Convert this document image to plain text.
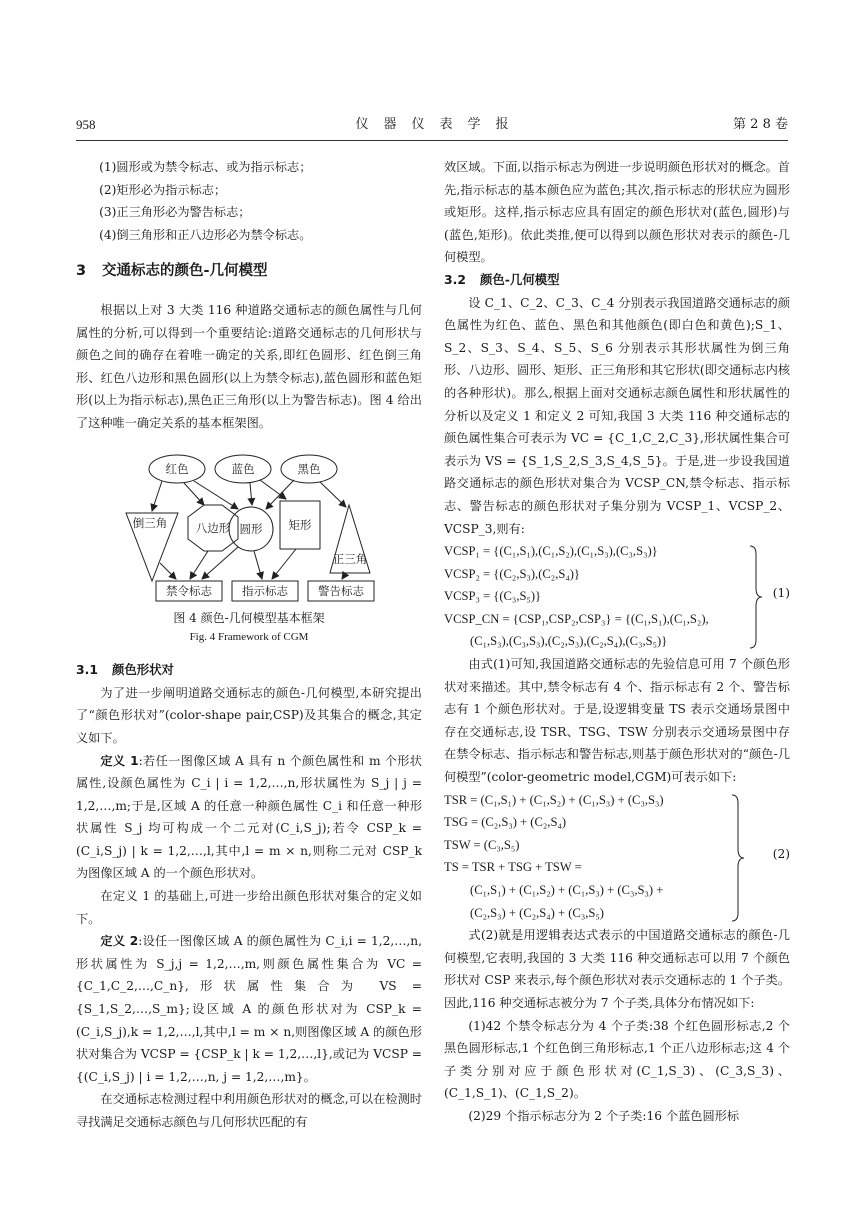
958	仪器仪表学报	第 2 8 卷

(1)圆形或为禁令标志、或为指示标志；

(2)矩形必为指示标志；

(3)正三角形必为警告标志；

(4)倒三角形和正八边形必为禁令标志。

3 交通标志的颜色-几何模型

根据以上对 3 大类 116 种道路交通标志的颜色属性与几何属性的分析,可以得到一个重要结论:道路交通标志的几何形状与颜色之间的确存在着唯一确定的关系,即红色圆形、红色倒三角形、红色八边形和黑色圆形(以上为禁令标志),蓝色圆形和蓝色矩形(以上为指示标志),黑色正三角形(以上为警告标志)。图 4 给出了这种唯一确定关系的基本框架图。

红色	蓝色	黑色
倒三角 八边形 圆形 矩形
正三角
禁令标志	指示标志	警告标志

图 4 颜色-几何模型基本框架

Fig. 4 Framework of CGM

3.1 颜色形状对

为了进一步阐明道路交通标志的颜色-几何模型,本研究提出了“颜色形状对”(color-shape pair,CSP)及其集合的概念,其定义如下。

定义 1:若任一图像区域 A 具有 n 个颜色属性和 m 个形状属性,设颜色属性为 C_i | i = 1,2,…,n,形状属性为 S_j | j = 1,2,…,m;于是,区域 A 的任意一种颜色属性 C_i 和任意一种形状属性 S_j 均可构成一个二元对(C_i,S_j);若令 CSP_k = (C_i,S_j) | k = 1,2,…,l,其中,l = m × n,则称二元对 CSP_k 为图像区域 A 的一个颜色形状对。

在定义 1 的基础上,可进一步给出颜色形状对集合的定义如下。

定义 2:设任一图像区域 A 的颜色属性为 C_i,i = 1,2,…,n,形状属性为 S_j,j = 1,2,…,m,则颜色属性集合为 VC = {C_1,C_2,…,C_n},形状属性集合为 VS = {S_1,S_2,…,S_m};设区域 A 的颜色形状对为 CSP_k = (C_i,S_j),k = 1,2,…,l,其中,l = m × n,则图像区域 A 的颜色形状对集合为 VCSP = {CSP_k | k = 1,2,…,l},或记为 VCSP = {(C_i,S_j) | i = 1,2,…,n, j = 1,2,…,m}。

在交通标志检测过程中利用颜色形状对的概念,可以在检测时寻找满足交通标志颜色与几何形状匹配的有

效区域。下面,以指示标志为例进一步说明颜色形状对的概念。首先,指示标志的基本颜色应为蓝色;其次,指示标志的形状应为圆形或矩形。这样,指示标志应具有固定的颜色形状对(蓝色,圆形)与(蓝色,矩形)。依此类推,便可以得到以颜色形状对表示的颜色-几何模型。

3.2 颜色-几何模型

设 C_1、C_2、C_3、C_4 分别表示我国道路交通标志的颜色属性为红色、蓝色、黑色和其他颜色(即白色和黄色);S_1、S_2、S_3、S_4、S_5、S_6 分别表示其形状属性为倒三角形、八边形、圆形、矩形、正三角形和其它形状(即交通标志内核的各种形状)。那么,根据上面对交通标志颜色属性和形状属性的分析以及定义 1 和定义 2 可知,我国 3 大类 116 种交通标志的颜色属性集合可表示为 VC = {C_1,C_2,C_3},形状属性集合可表示为 VS = {S_1,S_2,S_3,S_4,S_5}。于是,进一步设我国道路交通标志的颜色形状对集合为 VCSP_CN,禁令标志、指示标志、警告标志的颜色形状对子集分别为 VCSP_1、VCSP_2、VCSP_3,则有:

VCSP₁ = {(C₁,S₁),(C₁,S₂),(C₁,S₃),(C₃,S₃)}

VCSP₂ = {(C₂,S₃),(C₂,S₄)}

VCSP₃ = {(C₃,S₅)}

VCSP_CN = {CSP₁,CSP₂,CSP₃} = {(C₁,S₁),(C₁,S₂),

(C₁,S₃),(C₃,S₃),(C₂,S₃),(C₂,S₄),(C₃,S₅)}

(1)

由式(1)可知,我国道路交通标志的先验信息可用 7 个颜色形状对来描述。其中,禁令标志有 4 个、指示标志有 2 个、警告标志有 1 个颜色形状对。于是,设逻辑变量 TS 表示交通场景图中存在交通标志,设 TSR、TSG、TSW 分别表示交通场景图中存在禁令标志、指示标志和警告标志,则基于颜色形状对的“颜色-几何模型”(color-geometric model,CGM)可表示如下:

TSR = (C₁,S₁) + (C₁,S₂) + (C₁,S₃) + (C₃,S₃)

TSG = (C₂,S₃) + (C₂,S₄)

TSW = (C₃,S₅)

TS = TSR + TSG + TSW =

(C₁,S₁) + (C₁,S₂) + (C₁,S₃) + (C₃,S₃) +

(C₂,S₃) + (C₂,S₄) + (C₃,S₅)

(2)

式(2)就是用逻辑表达式表示的中国道路交通标志的颜色-几何模型,它表明,我国的 3 大类 116 种交通标志可以用 7 个颜色形状对 CSP 来表示,每个颜色形状对表示交通标志的 1 个子类。因此,116 种交通标志被分为 7 个子类,具体分布情况如下:

(1)42 个禁令标志分为 4 个子类:38 个红色圆形标志,2 个黑色圆形标志,1 个红色倒三角形标志,1 个正八边形标志;这 4 个子类分别对应于颜色形状对(C_1,S_3)、(C_3,S_3)、(C_1,S_1)、(C_1,S_2)。

(2)29 个指示标志分为 2 个子类:16 个蓝色圆形标
